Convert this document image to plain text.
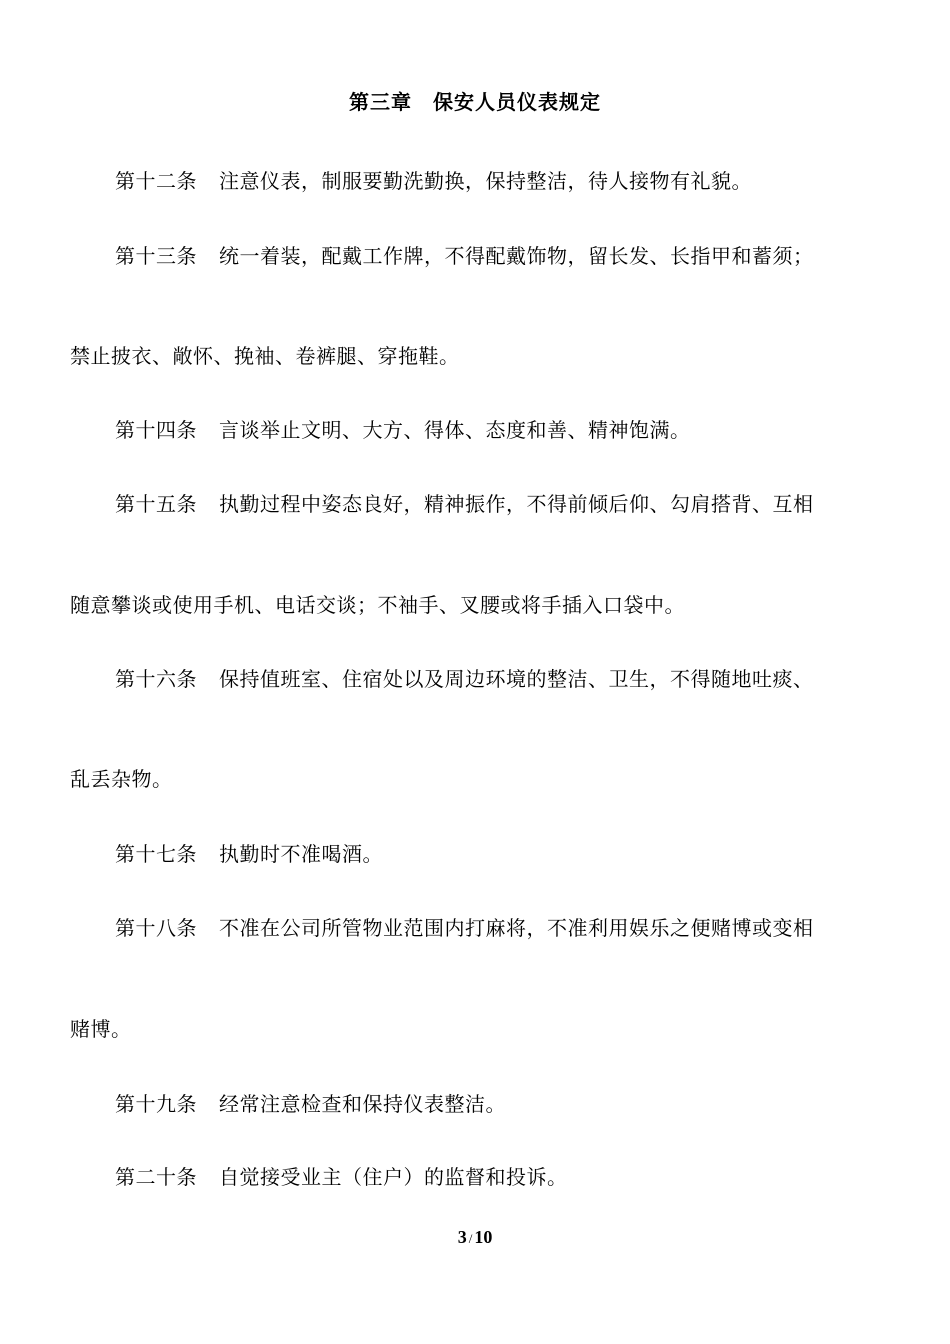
第三章　保安人员仪表规定
第十二条 注意仪表，制服要勤洗勤换，保持整洁，待人接物有礼貌。
第十三条 统一着装，配戴工作牌，不得配戴饰物，留长发、长指甲和蓄须；
禁止披衣、敞怀、挽袖、卷裤腿、穿拖鞋。
第十四条 言谈举止文明、大方、得体、态度和善、精神饱满。
第十五条 执勤过程中姿态良好，精神振作，不得前倾后仰、勾肩搭背、互相
随意攀谈或使用手机、电话交谈；不袖手、叉腰或将手插入口袋中。
第十六条 保持值班室、住宿处以及周边环境的整洁、卫生，不得随地吐痰、
乱丢杂物。
第十七条 执勤时不准喝酒。
第十八条 不准在公司所管物业范围内打麻将，不准利用娱乐之便赌博或变相
赌博。
第十九条 经常注意检查和保持仪表整洁。
第二十条 自觉接受业主（住户）的监督和投诉。
3 / 10
